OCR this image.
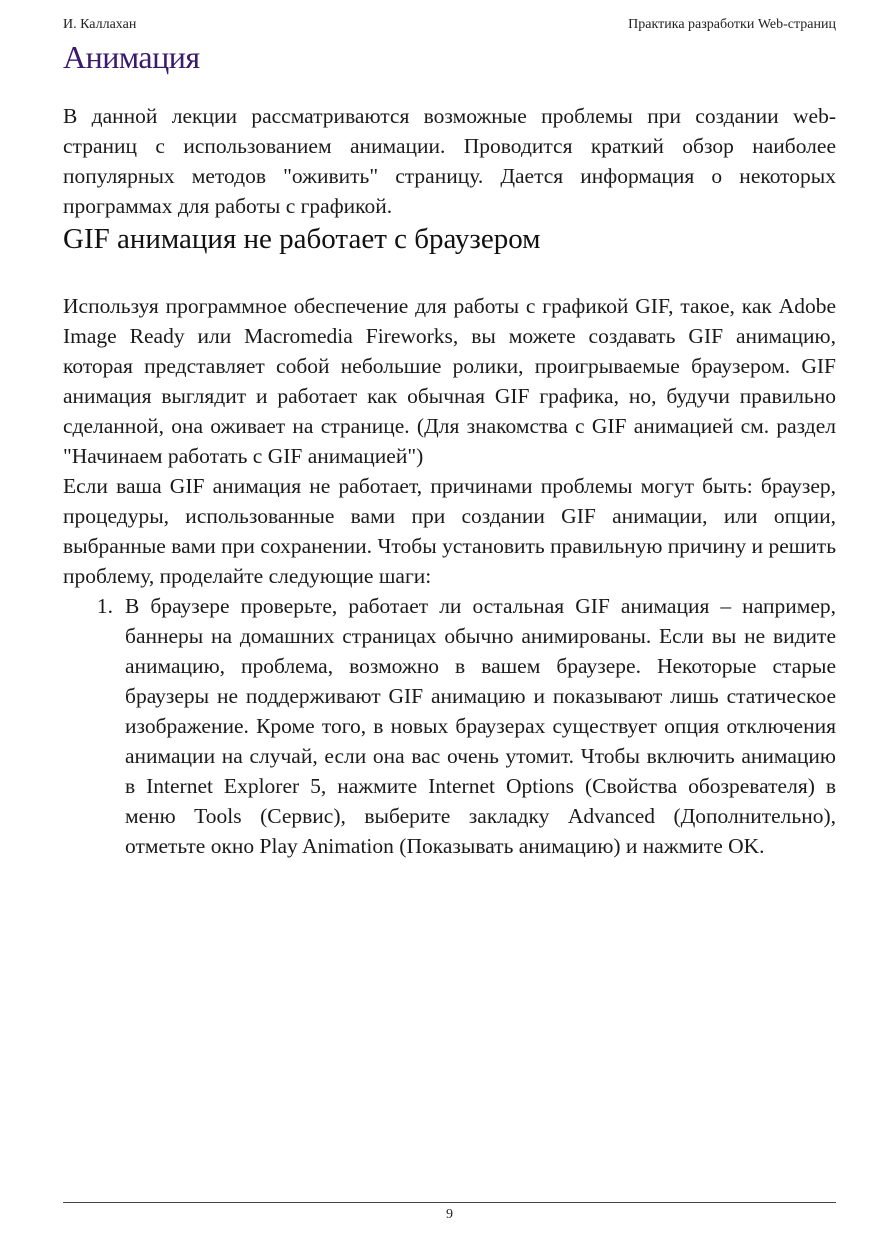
И. Каллахан	Практика разработки Web-страниц
Анимация

В данной лекции рассматриваются возможные проблемы при создании web-страниц с использованием анимации. Проводится краткий обзор наиболее популярных методов "оживить" страницу. Дается информация о некоторых программах для работы с графикой.

GIF анимация не работает с браузером

Используя программное обеспечение для работы с графикой GIF, такое, как Adobe Image Ready или Macromedia Fireworks, вы можете создавать GIF анимацию, которая представляет собой небольшие ролики, проигрываемые браузером. GIF анимация выглядит и работает как обычная GIF графика, но, будучи правильно сделанной, она оживает на странице. (Для знакомства с GIF анимацией см. раздел "Начинаем работать с GIF анимацией")

Если ваша GIF анимация не работает, причинами проблемы могут быть: браузер, процедуры, использованные вами при создании GIF анимации, или опции, выбранные вами при сохранении. Чтобы установить правильную причину и решить проблему, проделайте следующие шаги:

1. В браузере проверьте, работает ли остальная GIF анимация – например, баннеры на домашних страницах обычно анимированы. Если вы не видите анимацию, проблема, возможно в вашем браузере. Некоторые старые браузеры не поддерживают GIF анимацию и показывают лишь статическое изображение. Кроме того, в новых браузерах существует опция отключения анимации на случай, если она вас очень утомит. Чтобы включить анимацию в Internet Explorer 5, нажмите Internet Options (Свойства обозревателя) в меню Tools (Сервис), выберите закладку Advanced (Дополнительно), отметьте окно Play Animation (Показывать анимацию) и нажмите OK.

9
